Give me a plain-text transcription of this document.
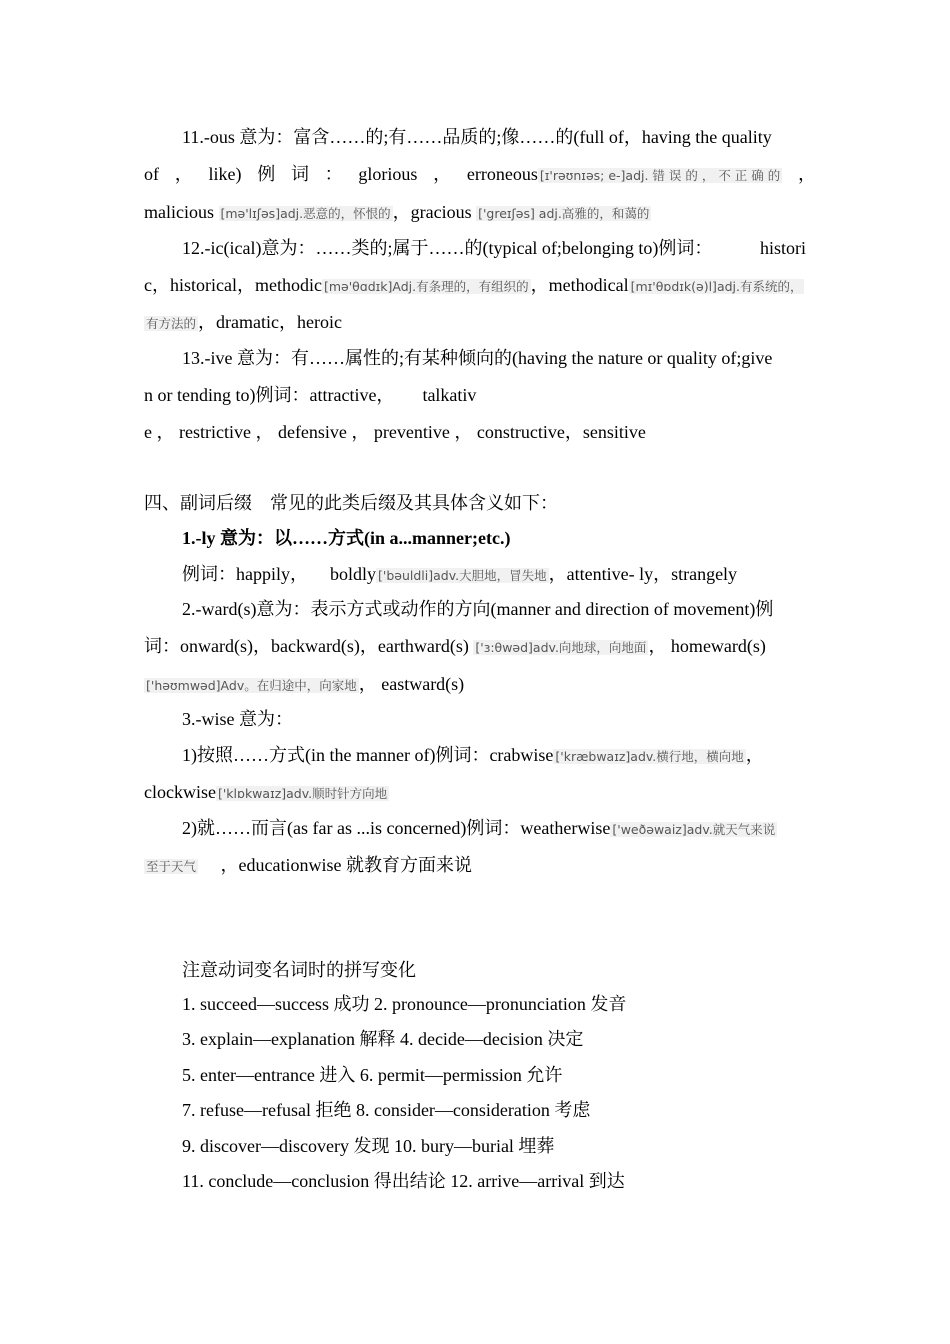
11.-ous 意为：富含……的;有……品质的;像……的(full of，having the quality
of ， like) 例 词 ： glorious ， erroneous [ɪ'rəʊnɪəs; e-]adj. 错 误 的 ， 不 正 确 的 ，
malicious [mə'lɪʃəs]adj.恶意的，怀恨的 ，gracious ['greɪʃəs] adj.高雅的，和蔼的
12.-ic(ical)意为：……类的;属于……的(typical of;belonging to)例词：	histori
c，historical，methodic [mə'θɑdɪk]Adj.有条理的，有组织的 ，methodical [mɪ'θɒdɪk(ə)l]adj.有系统的，
有方法的 ，dramatic，heroic
13.-ive 意为：有……属性的;有某种倾向的(having the nature or quality of;give
n or tending to)例词：attractive， talkativ
e ， restrictive ， defensive ， preventive ， constructive，sensitive
四、副词后缀　常见的此类后缀及其具体含义如下：
1.-ly 意为：以……方式(in a...manner;etc.)
例词：happily， boldly ['bəuldli]adv.大胆地，冒失地 ，attentive- ly，strangely
2.-ward(s)意为：表示方式或动作的方向(manner and direction of movement)例
词：onward(s)，backward(s)，earthward(s) ['ɜ:θwəd]adv.向地球，向地面 ， homeward(s)
['həʊmwəd]Adv。在归途中，向家地 ， eastward(s)
3.-wise 意为：
1)按照……方式(in the manner of)例词：crabwise ['kræbwaɪz]adv.横行地，横向地 ，
clockwise ['klɒkwaɪz]adv.顺时针方向地
2)就……而言(as far as ...is concerned)例词：weatherwise ['weðəwaiz]adv.就天气来说
至于天气　 ，educationwise 就教育方面来说
注意动词变名词时的拼写变化
1. succeed—success 成功 2. pronounce—pronunciation 发音
3. explain—explanation 解释 4. decide—decision 决定
5. enter—entrance 进入 6. permit—permission 允许
7. refuse—refusal 拒绝 8. consider—consideration 考虑
9. discover—discovery 发现 10. bury—burial 埋葬
11. conclude—conclusion 得出结论 12. arrive—arrival 到达
